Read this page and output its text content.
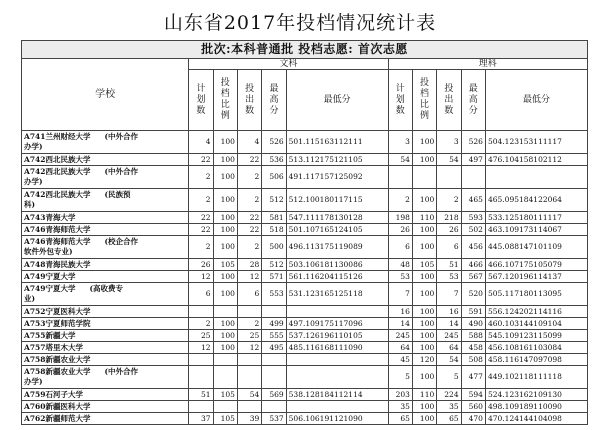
山东省2017年投档情况统计表
批次:本科普通批 投档志愿: 首次志愿										
学校	文科					理科				
	计划数	投档比例	投出数	最高分	最低分	计划数	投档比例	投出数	最高分	最低分
A741兰州财经大学 (中外合作
办学)	4	100	4	526	501.115163112111	3	100	3	526	504.123153111117

A742西北民族大学	22	100	22	536	513.112175121105	54	100	54	497	476.104158102112
A742西北民族大学 (中外合作
办学)	2	100	2	506	491.117157125092					
A742西北民族大学 (民族预
科)	2	100	2	512	512.100180117115	2	100	2	465	465.095184122064

A743青海大学	22	100	22	581	547.111178130128	198	110	218	593	533.125180111117

A746青海师范大学	22	100	22	518	501.107165124105	26	100	26	502	463.109173114067
A746青海师范大学 (校企合作
软件外包专业)	2	100	2	500	496.113175119089	6	100	6	456	445.088147101109

A748青海民族大学	26	105	28	512	503.106181130086	48	105	51	466	466.107175105079

A749宁夏大学	12	100	12	571	561.116204115126	53	100	53	567	567.120196114137
A749宁夏大学 (高收费专
业)	6	100	6	553	531.123165125118	7	100	7	520	505.117180113095

A752宁夏医科大学						16	100	16	591	556.124202114116

A753宁夏师范学院	2	100	2	499	497.109175117096	14	100	14	490	460.103144109104

A755新疆大学	25	100	25	555	537.126196110105	245	100	245	588	545.109123115099

A757塔里木大学	12	100	12	495	485.116168111090	64	100	64	458	456.108161103084

A758新疆农业大学						45	120	54	508	458.116147097098
A758新疆农业大学 (中外合作
办学)						5	100	5	477	449.102118111118

A759石河子大学	51	105	54	569	538.128184112114	203	110	224	594	524.123162109130

A760新疆医科大学						35	100	35	560	498.109189110090

A762新疆师范大学	37	105	39	537	506.106191121090	65	100	65	470	470.124144104098
